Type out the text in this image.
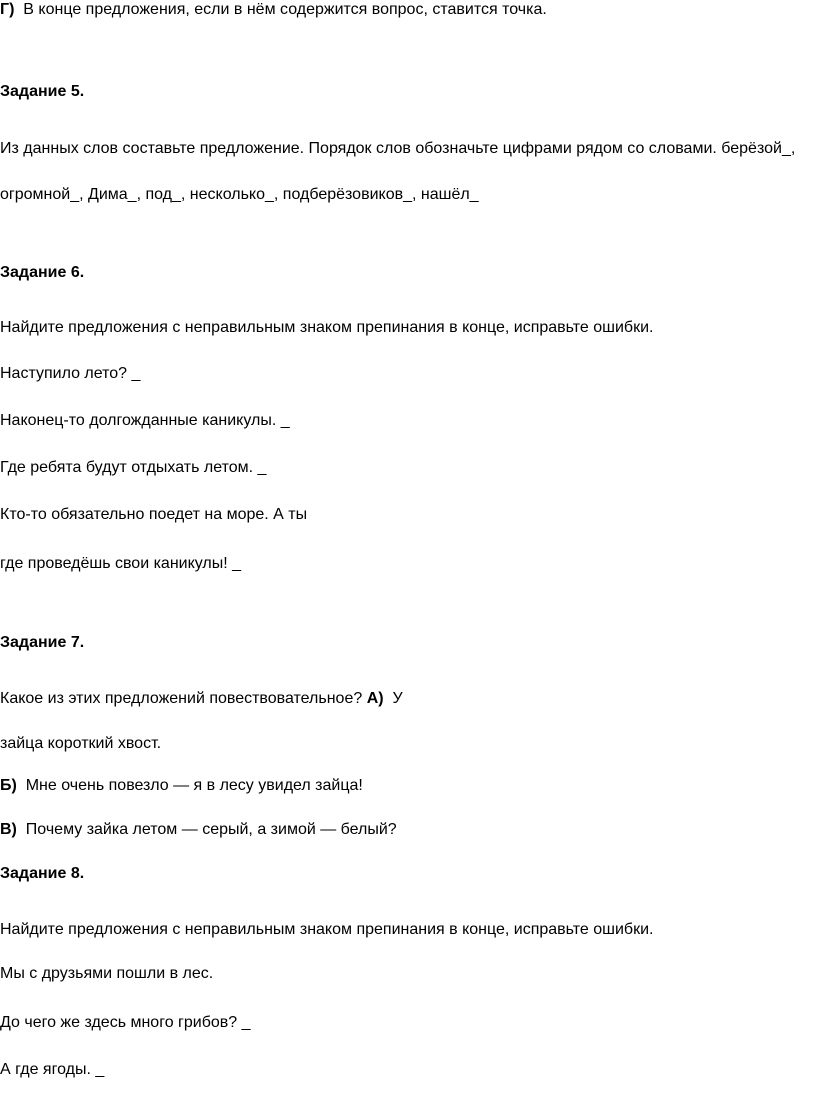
Г) В конце предложения, если в нём содержится вопрос, ставится точка.
Задание 5.
Из данных слов составьте предложение. Порядок слов обозначьте цифрами рядом со словами. берёзой_,
огромной_, Дима_, под_, несколько_, подберёзовиков_, нашёл_
Задание 6.
Найдите предложения с неправильным знаком препинания в конце, исправьте ошибки.
Наступило лето? _
Наконец-то долгожданные каникулы. _
Где ребята будут отдыхать летом. _
Кто-то обязательно поедет на море. А ты
где проведёшь свои каникулы! _
Задание 7.
Какое из этих предложений повествовательное? А) У
зайца короткий хвост.
Б) Мне очень повезло — я в лесу увидел зайца!
В) Почему зайка летом — серый, а зимой — белый?
Задание 8.
Найдите предложения с неправильным знаком препинания в конце, исправьте ошибки.
Мы с друзьями пошли в лес.
До чего же здесь много грибов? _
А где ягоды. _
